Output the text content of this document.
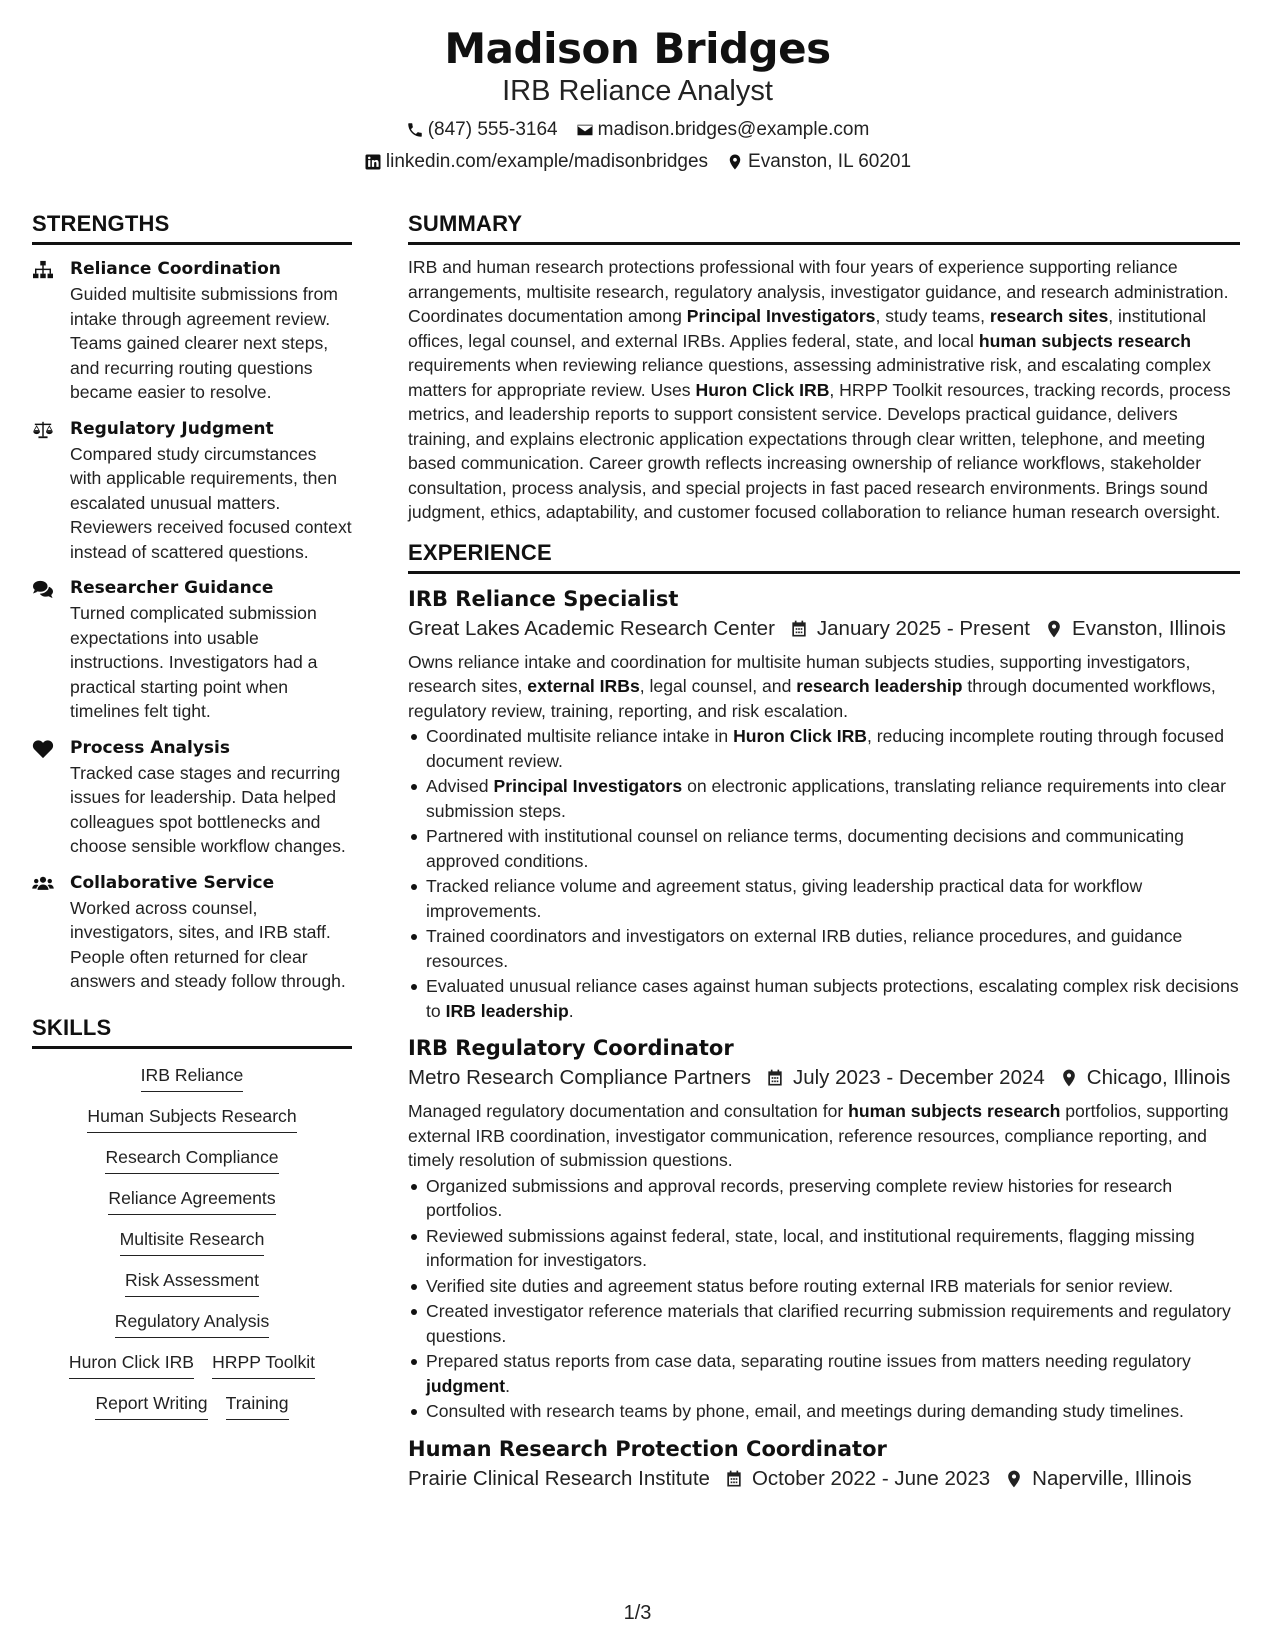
Madison Bridges
IRB Reliance Analyst
(847) 555-3164 madison.bridges@example.com
linkedin.com/example/madisonbridges Evanston, IL 60201
STRENGTHS
Reliance Coordination
Guided multisite submissions from intake through agreement review. Teams gained clearer next steps, and recurring routing questions became easier to resolve.
Regulatory Judgment
Compared study circumstances with applicable requirements, then escalated unusual matters. Reviewers received focused context instead of scattered questions.
Researcher Guidance
Turned complicated submission expectations into usable instructions. Investigators had a practical starting point when timelines felt tight.
Process Analysis
Tracked case stages and recurring issues for leadership. Data helped colleagues spot bottlenecks and choose sensible workflow changes.
Collaborative Service
Worked across counsel, investigators, sites, and IRB staff. People often returned for clear answers and steady follow through.
SKILLS
IRB Reliance
Human Subjects Research
Research Compliance
Reliance Agreements
Multisite Research
Risk Assessment
Regulatory Analysis
Huron Click IRB HRPP Toolkit
Report Writing Training
SUMMARY
IRB and human research protections professional with four years of experience supporting reliance arrangements, multisite research, regulatory analysis, investigator guidance, and research administration. Coordinates documentation among Principal Investigators, study teams, research sites, institutional offices, legal counsel, and external IRBs. Applies federal, state, and local human subjects research requirements when reviewing reliance questions, assessing administrative risk, and escalating complex matters for appropriate review. Uses Huron Click IRB, HRPP Toolkit resources, tracking records, process metrics, and leadership reports to support consistent service. Develops practical guidance, delivers training, and explains electronic application expectations through clear written, telephone, and meeting based communication. Career growth reflects increasing ownership of reliance workflows, stakeholder consultation, process analysis, and special projects in fast paced research environments. Brings sound judgment, ethics, adaptability, and customer focused collaboration to reliance human research oversight.
EXPERIENCE
IRB Reliance Specialist
Great Lakes Academic Research Center January 2025 - Present Evanston, Illinois
Owns reliance intake and coordination for multisite human subjects studies, supporting investigators, research sites, external IRBs, legal counsel, and research leadership through documented workflows, regulatory review, training, reporting, and risk escalation.
Coordinated multisite reliance intake in Huron Click IRB, reducing incomplete routing through focused document review.
Advised Principal Investigators on electronic applications, translating reliance requirements into clear submission steps.
Partnered with institutional counsel on reliance terms, documenting decisions and communicating approved conditions.
Tracked reliance volume and agreement status, giving leadership practical data for workflow improvements.
Trained coordinators and investigators on external IRB duties, reliance procedures, and guidance resources.
Evaluated unusual reliance cases against human subjects protections, escalating complex risk decisions to IRB leadership.
IRB Regulatory Coordinator
Metro Research Compliance Partners July 2023 - December 2024 Chicago, Illinois
Managed regulatory documentation and consultation for human subjects research portfolios, supporting external IRB coordination, investigator communication, reference resources, compliance reporting, and timely resolution of submission questions.
Organized submissions and approval records, preserving complete review histories for research portfolios.
Reviewed submissions against federal, state, local, and institutional requirements, flagging missing information for investigators.
Verified site duties and agreement status before routing external IRB materials for senior review.
Created investigator reference materials that clarified recurring submission requirements and regulatory questions.
Prepared status reports from case data, separating routine issues from matters needing regulatory judgment.
Consulted with research teams by phone, email, and meetings during demanding study timelines.
Human Research Protection Coordinator
Prairie Clinical Research Institute October 2022 - June 2023 Naperville, Illinois
1/3
